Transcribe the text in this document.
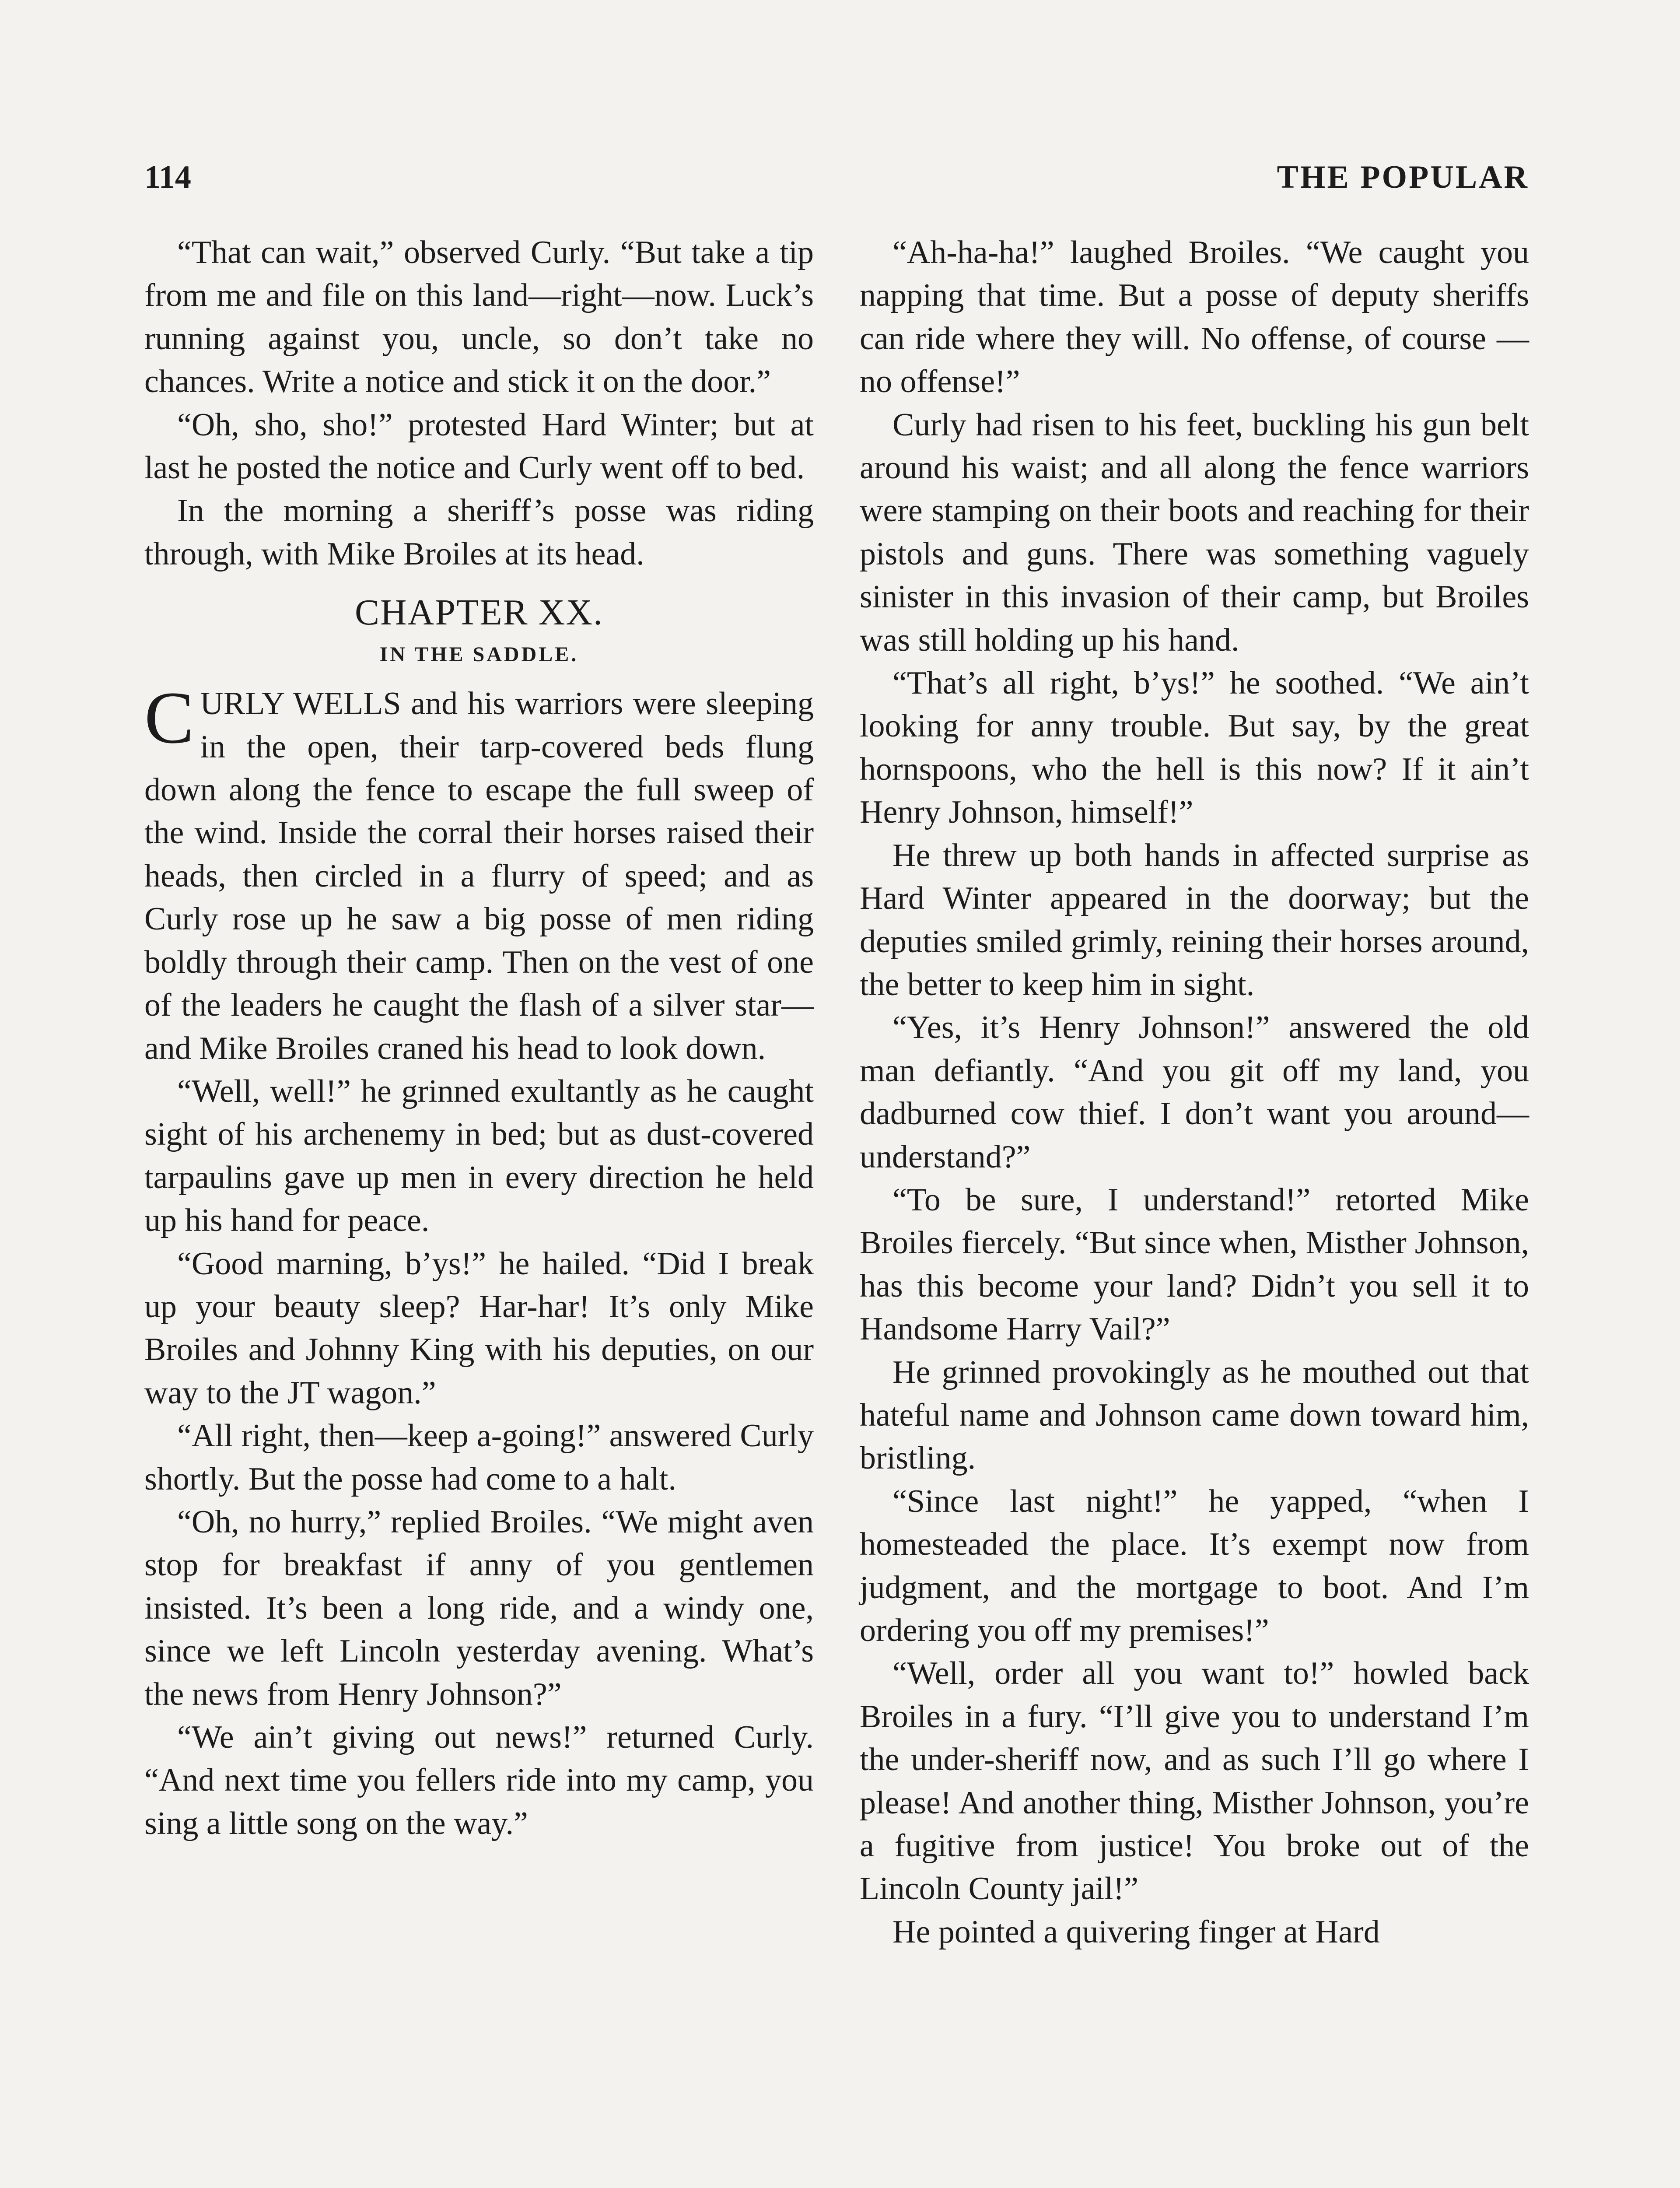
114	THE POPULAR

“That can wait,” observed Curly. “But take a tip from me and file on this land—right—now. Luck’s running against you, uncle, so don’t take no chances. Write a notice and stick it on the door.”

“Oh, sho, sho!” protested Hard Winter; but at last he posted the notice and Curly went off to bed.

In the morning a sheriff’s posse was riding through, with Mike Broiles at its head.

CHAPTER XX.
IN THE SADDLE.

CURLY WELLS and his warriors were sleeping in the open, their tarp-covered beds flung down along the fence to escape the full sweep of the wind. Inside the corral their horses raised their heads, then circled in a flurry of speed; and as Curly rose up he saw a big posse of men riding boldly through their camp. Then on the vest of one of the leaders he caught the flash of a silver star—and Mike Broiles craned his head to look down.

“Well, well!” he grinned exultantly as he caught sight of his archenemy in bed; but as dust-covered tarpaulins gave up men in every direction he held up his hand for peace.

“Good marning, b’ys!” he hailed. “Did I break up your beauty sleep? Har-har! It’s only Mike Broiles and Johnny King with his deputies, on our way to the JT wagon.”

“All right, then—keep a-going!” answered Curly shortly. But the posse had come to a halt.

“Oh, no hurry,” replied Broiles. “We might aven stop for breakfast if anny of you gentlemen insisted. It’s been a long ride, and a windy one, since we left Lincoln yesterday avening. What’s the news from Henry Johnson?”

“We ain’t giving out news!” returned Curly. “And next time you fellers ride into my camp, you sing a little song on the way.”

“Ah-ha-ha!” laughed Broiles. “We caught you napping that time. But a posse of deputy sheriffs can ride where they will. No offense, of course —no offense!”

Curly had risen to his feet, buckling his gun belt around his waist; and all along the fence warriors were stamping on their boots and reaching for their pistols and guns. There was something vaguely sinister in this invasion of their camp, but Broiles was still holding up his hand.

“That’s all right, b’ys!” he soothed. “We ain’t looking for anny trouble. But say, by the great hornspoons, who the hell is this now? If it ain’t Henry Johnson, himself!”

He threw up both hands in affected surprise as Hard Winter appeared in the doorway; but the deputies smiled grimly, reining their horses around, the better to keep him in sight.

“Yes, it’s Henry Johnson!” answered the old man defiantly. “And you git off my land, you dadburned cow thief. I don’t want you around—understand?”

“To be sure, I understand!” retorted Mike Broiles fiercely. “But since when, Misther Johnson, has this become your land? Didn’t you sell it to Handsome Harry Vail?”

He grinned provokingly as he mouthed out that hateful name and Johnson came down toward him, bristling.

“Since last night!” he yapped, “when I homesteaded the place. It’s exempt now from judgment, and the mortgage to boot. And I’m ordering you off my premises!”

“Well, order all you want to!” howled back Broiles in a fury. “I’ll give you to understand I’m the under-sheriff now, and as such I’ll go where I please! And another thing, Misther Johnson, you’re a fugitive from justice! You broke out of the Lincoln County jail!”

He pointed a quivering finger at Hard
